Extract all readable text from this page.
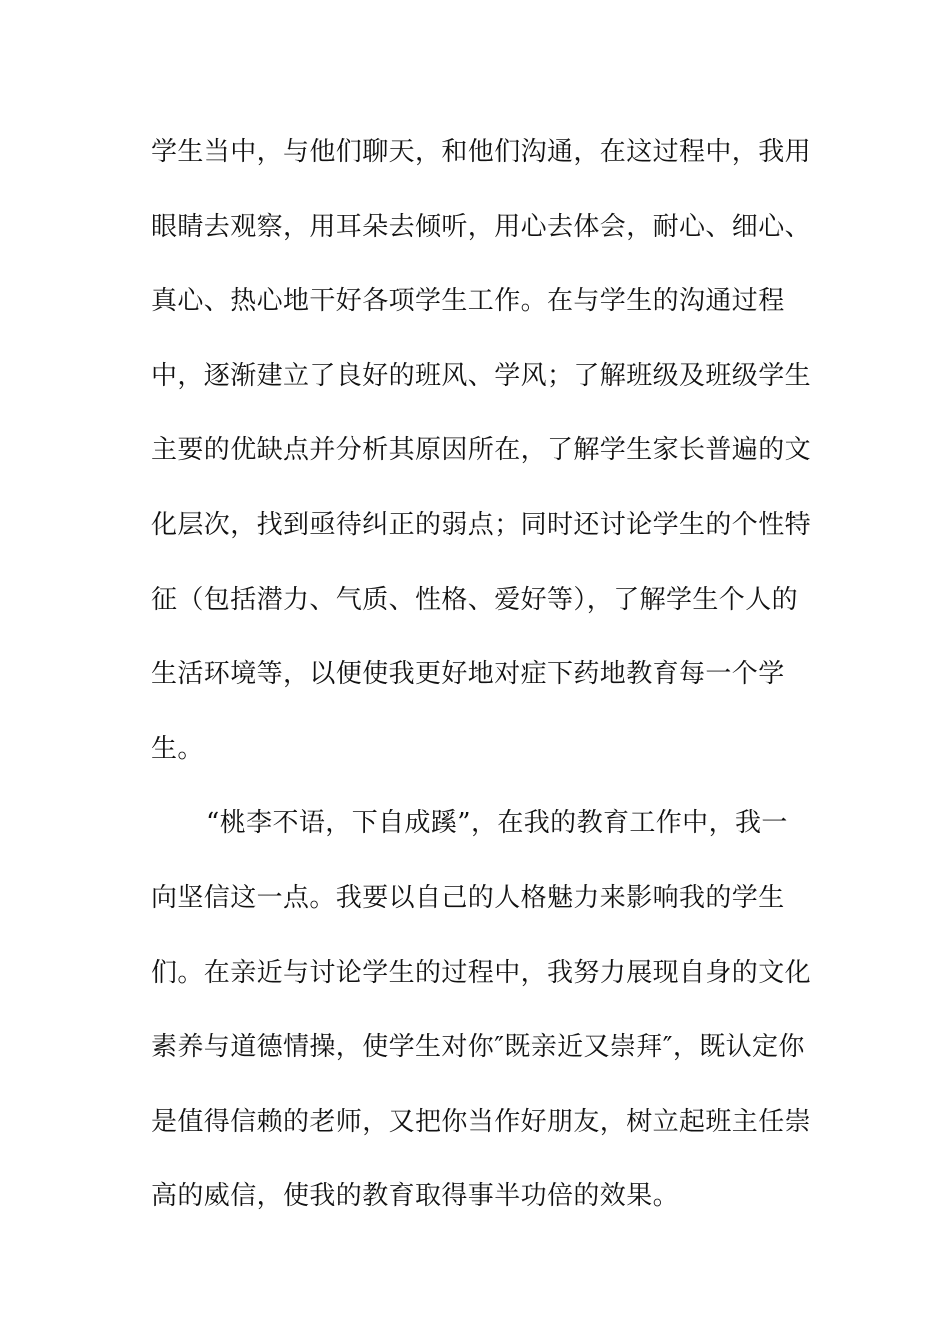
学生当中，与他们聊天，和他们沟通，在这过程中，我用
眼睛去观察，用耳朵去倾听，用心去体会，耐心、细心、
真心、热心地干好各项学生工作。在与学生的沟通过程
中，逐渐建立了良好的班风、学风；了解班级及班级学生
主要的优缺点并分析其原因所在，了解学生家长普遍的文
化层次，找到亟待纠正的弱点；同时还讨论学生的个性特
征（包括潜力、气质、性格、爱好等），了解学生个人的
生活环境等，以便使我更好地对症下药地教育每一个学
生。
“桃李不语，下自成蹊”，在我的教育工作中，我一
向坚信这一点。我要以自己的人格魅力来影响我的学生
们。在亲近与讨论学生的过程中，我努力展现自身的文化
素养与道德情操，使学生对你″既亲近又崇拜″，既认定你
是值得信赖的老师，又把你当作好朋友，树立起班主任崇
高的威信，使我的教育取得事半功倍的效果。
